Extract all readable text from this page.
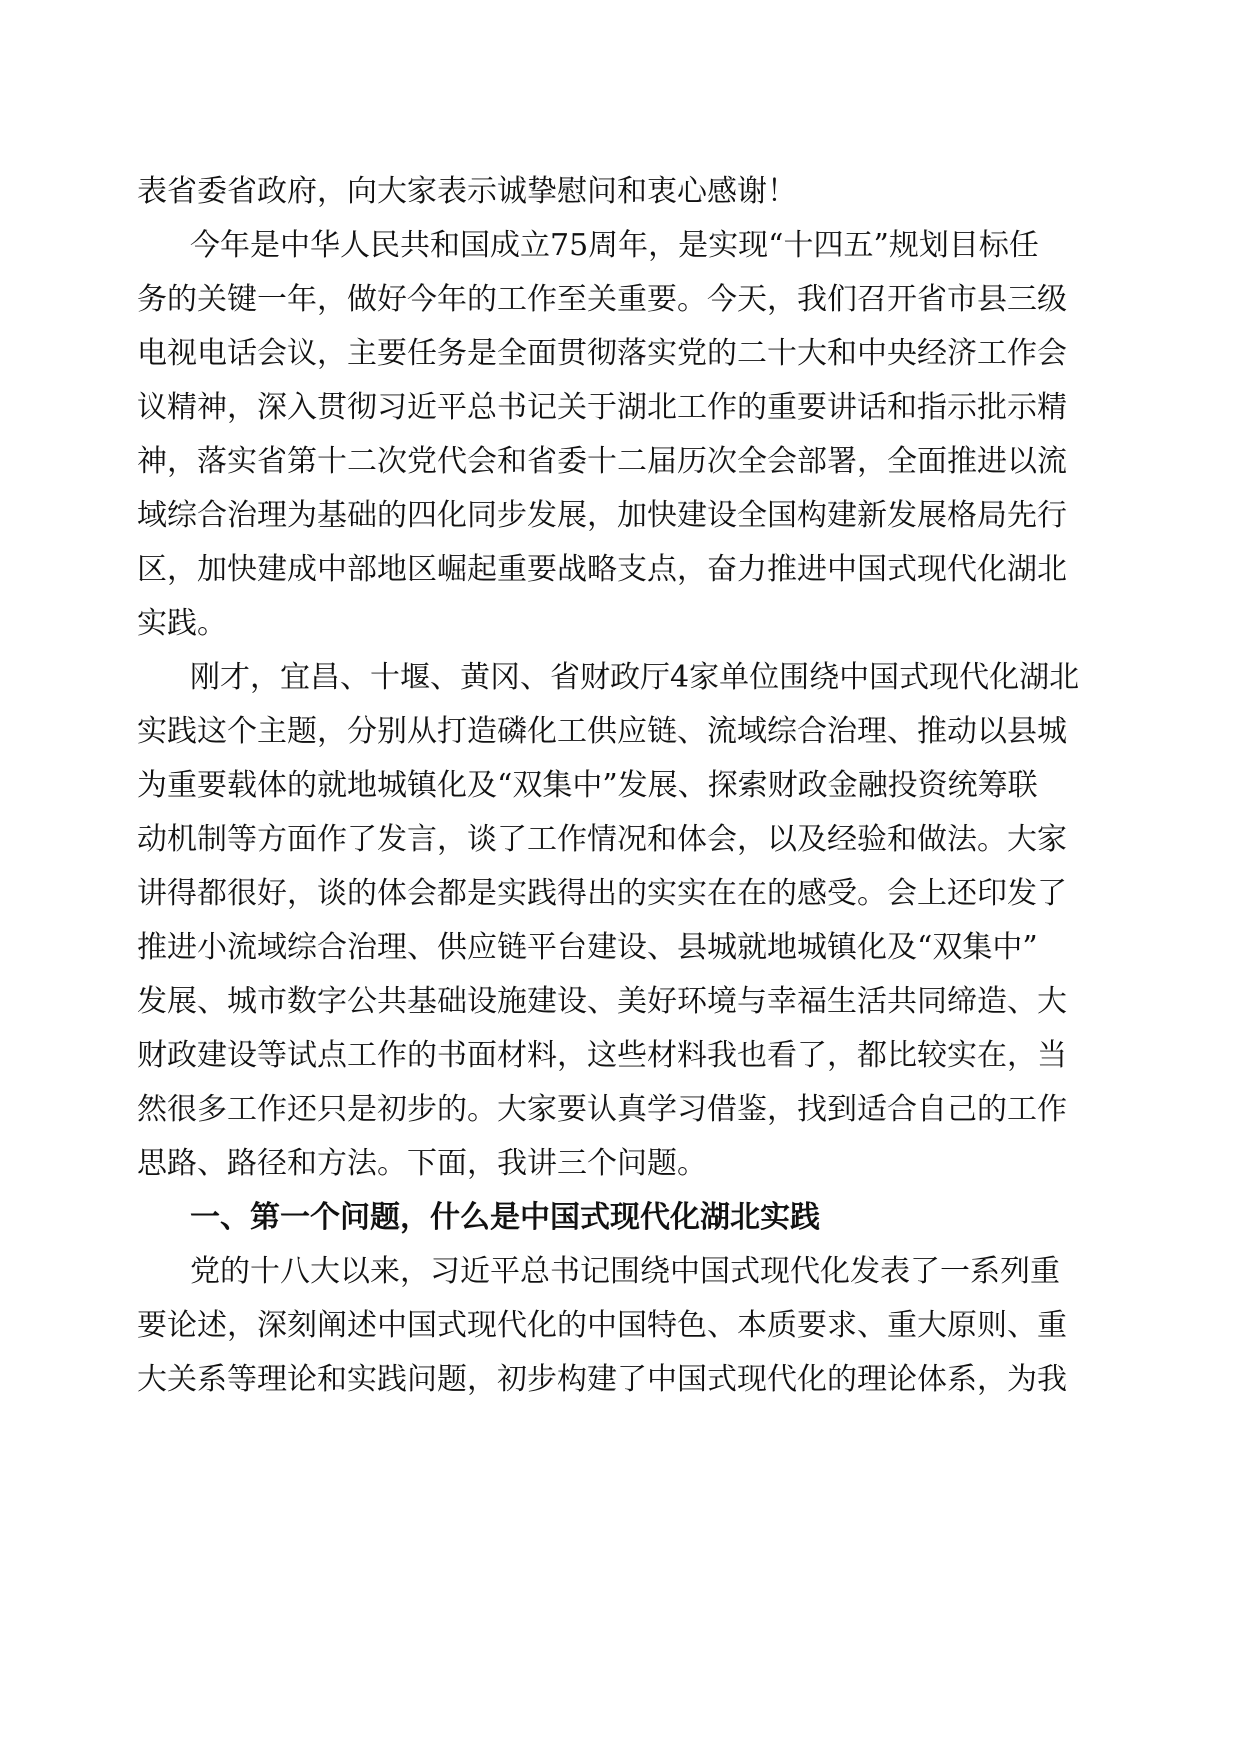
表省委省政府，向大家表示诚挚慰问和衷心感谢！

今年是中华人民共和国成立75周年，是实现“十四五”规划目标任

务的关键一年，做好今年的工作至关重要。今天，我们召开省市县三级

电视电话会议，主要任务是全面贯彻落实党的二十大和中央经济工作会

议精神，深入贯彻习近平总书记关于湖北工作的重要讲话和指示批示精

神，落实省第十二次党代会和省委十二届历次全会部署，全面推进以流

域综合治理为基础的四化同步发展，加快建设全国构建新发展格局先行

区，加快建成中部地区崛起重要战略支点，奋力推进中国式现代化湖北

实践。

刚才，宜昌、十堰、黄冈、省财政厅4家单位围绕中国式现代化湖北

实践这个主题，分别从打造磷化工供应链、流域综合治理、推动以县城

为重要载体的就地城镇化及“双集中”发展、探索财政金融投资统筹联

动机制等方面作了发言，谈了工作情况和体会，以及经验和做法。大家

讲得都很好，谈的体会都是实践得出的实实在在的感受。会上还印发了

推进小流域综合治理、供应链平台建设、县城就地城镇化及“双集中”

发展、城市数字公共基础设施建设、美好环境与幸福生活共同缔造、大

财政建设等试点工作的书面材料，这些材料我也看了，都比较实在，当

然很多工作还只是初步的。大家要认真学习借鉴，找到适合自己的工作

思路、路径和方法。下面，我讲三个问题。

一、第一个问题，什么是中国式现代化湖北实践

党的十八大以来，习近平总书记围绕中国式现代化发表了一系列重

要论述，深刻阐述中国式现代化的中国特色、本质要求、重大原则、重

大关系等理论和实践问题，初步构建了中国式现代化的理论体系，为我
